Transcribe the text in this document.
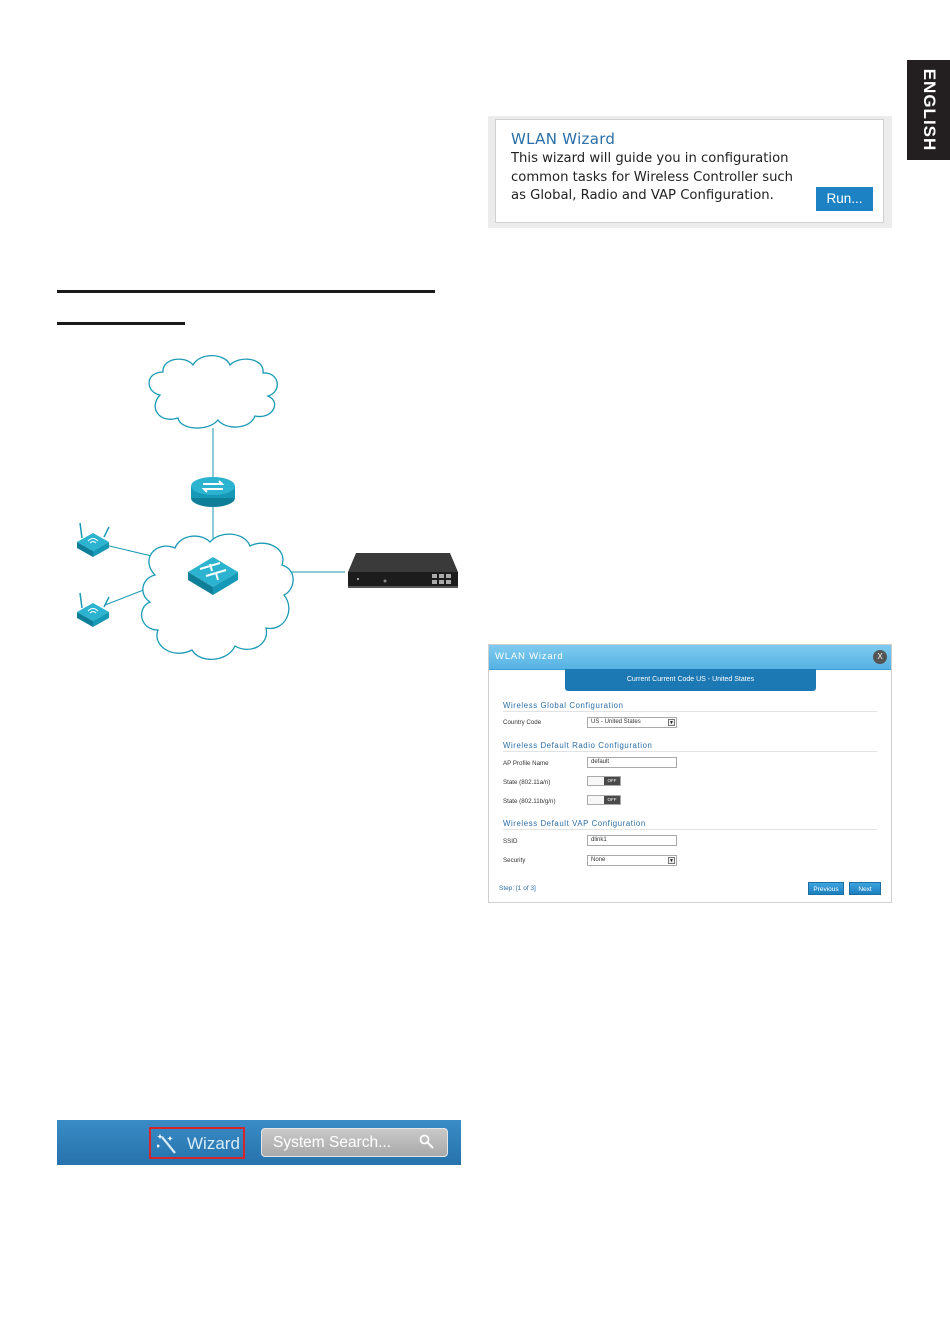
ENGLISH
WLAN Wizard
This wizard will guide you in configuration
common tasks for Wireless Controller such
as Global, Radio and VAP Configuration.	Run...
WLAN Wizard	X
Current Current Code US - United States
Wireless Global Configuration
Country Code	US - United States	▼
Wireless Default Radio Configuration
AP Profile Name	default
State (802.11a/n)	OFF
State (802.11b/g/n)	OFF
Wireless Default VAP Configuration
SSID	dlink1
Security	None	▼
Step: [1 of 3]	Previous	Next
Wizard System Search...
